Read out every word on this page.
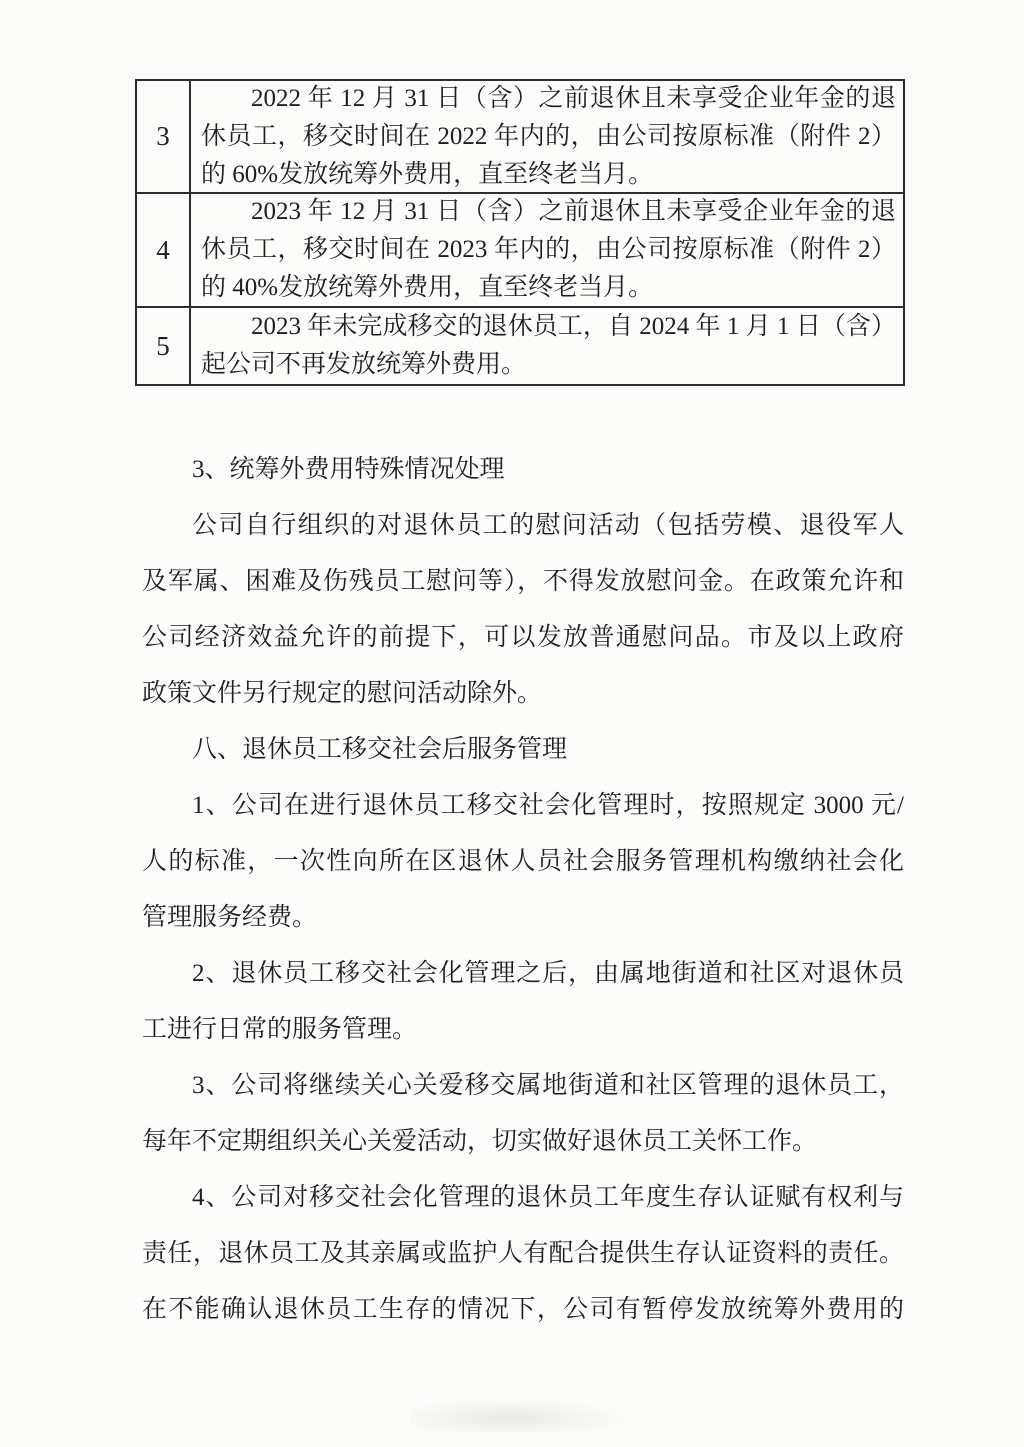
3
2022 年 12 月 31 日（含）之前退休且未享受企业年金的退
休员工，移交时间在 2022 年内的，由公司按原标准（附件 2）
的 60%发放统筹外费用，直至终老当月。
4
2023 年 12 月 31 日（含）之前退休且未享受企业年金的退
休员工，移交时间在 2023 年内的，由公司按原标准（附件 2）
的 40%发放统筹外费用，直至终老当月。
5
2023 年未完成移交的退休员工，自 2024 年 1 月 1 日（含）
起公司不再发放统筹外费用。
3、统筹外费用特殊情况处理
公司自行组织的对退休员工的慰问活动（包括劳模、退役军人
及军属、困难及伤残员工慰问等），不得发放慰问金。在政策允许和
公司经济效益允许的前提下，可以发放普通慰问品。市及以上政府
政策文件另行规定的慰问活动除外。
八、退休员工移交社会后服务管理
1、公司在进行退休员工移交社会化管理时，按照规定 3000 元/
人的标准，一次性向所在区退休人员社会服务管理机构缴纳社会化
管理服务经费。
2、退休员工移交社会化管理之后，由属地街道和社区对退休员
工进行日常的服务管理。
3、公司将继续关心关爱移交属地街道和社区管理的退休员工，
每年不定期组织关心关爱活动，切实做好退休员工关怀工作。
4、公司对移交社会化管理的退休员工年度生存认证赋有权利与
责任，退休员工及其亲属或监护人有配合提供生存认证资料的责任。
在不能确认退休员工生存的情况下，公司有暂停发放统筹外费用的
